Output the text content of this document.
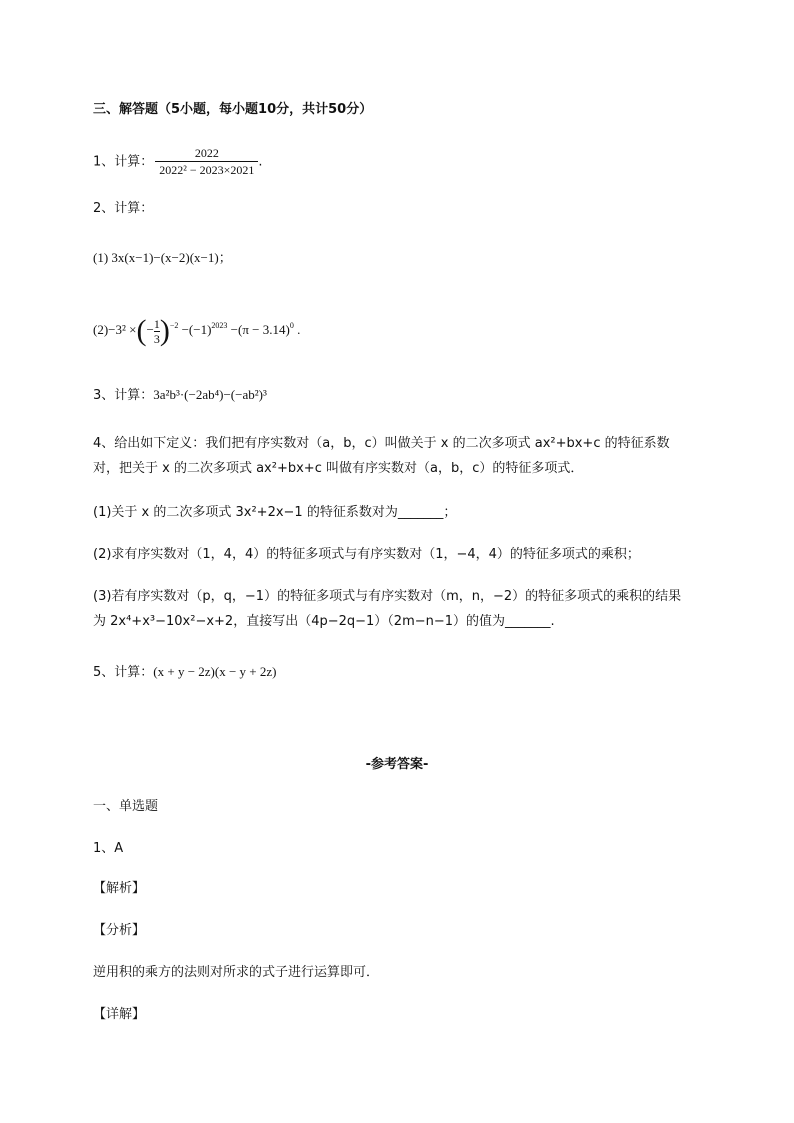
三、解答题（5小题，每小题10分，共计50分）
1、计算： $\frac{2022}{\text{2022² − 2023×2021}}$ .
2、计算：
(1) 3x(x−1)−(x−2)(x−1)；
(2)−3² ×(− $\frac{1}{3} )^{-2} -(-1)^{2023} -(\pi - 3.14)^0$ .
3、计算：3a²b³·(−2ab⁴)−(−ab²)³
4、给出如下定义：我们把有序实数对（a，b，c）叫做关于 x 的二次多项式 ax²+bx+c 的特征系数
对，把关于 x 的二次多项式 ax²+bx+c 叫做有序实数对（a，b，c）的特征多项式．
(1)关于 x 的二次多项式 3x²+2x−1 的特征系数对为_______；
(2)求有序实数对（1，4，4）的特征多项式与有序实数对（1，−4，4）的特征多项式的乘积；
(3)若有序实数对（p，q，−1）的特征多项式与有序实数对（m，n，−2）的特征多项式的乘积的结果
为 2x⁴+x³−10x²−x+2，直接写出（4p−2q−1）（2m−n−1）的值为_______.
5、计算：(x + y − 2z)(x − y + 2z)
-参考答案-
一、单选题
1、A
【解析】
【分析】
逆用积的乘方的法则对所求的式子进行运算即可．
【详解】
